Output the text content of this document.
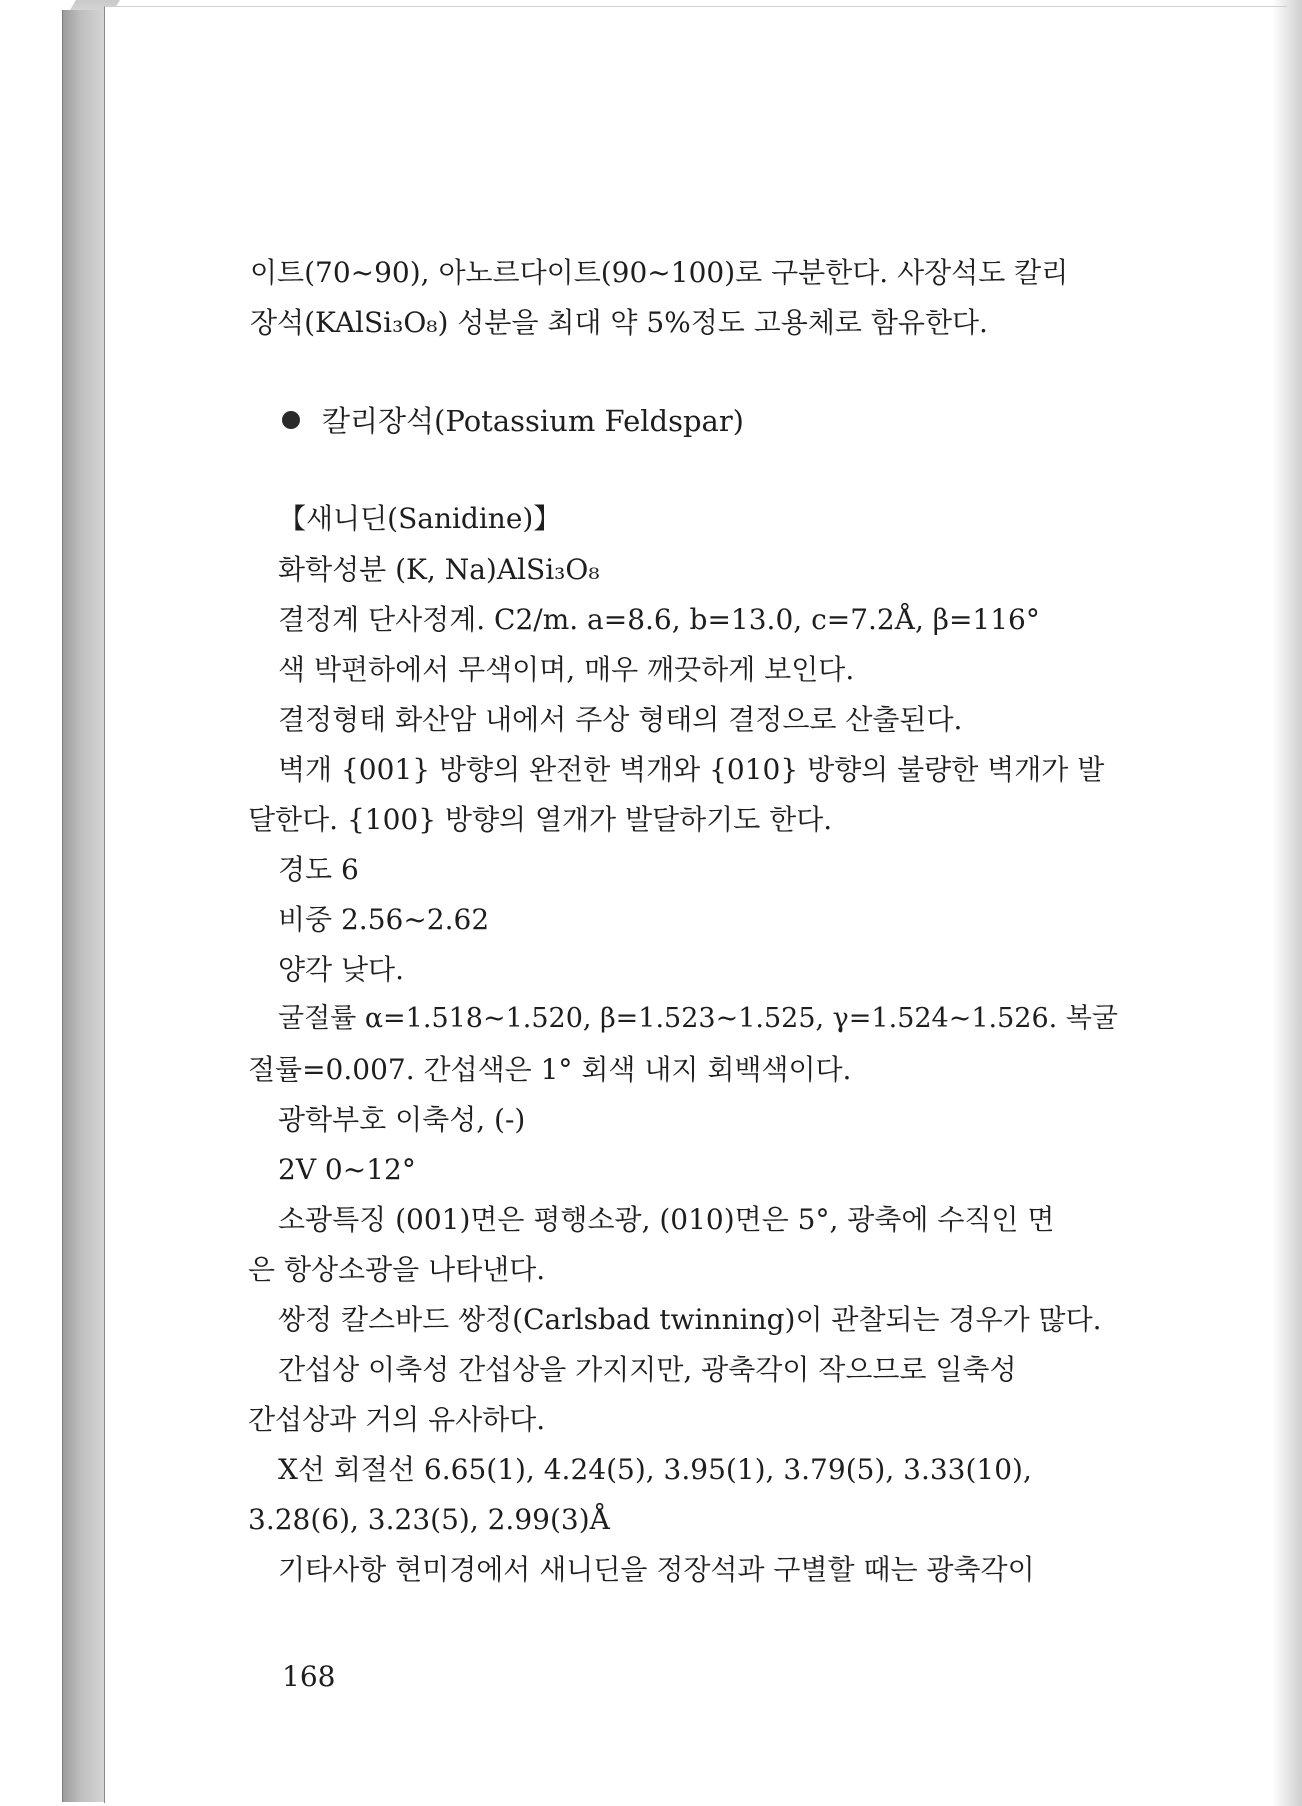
이트(70~90), 아노르다이트(90~100)로 구분한다. 사장석도 칼리
장석(KAlSi₃O₈) 성분을 최대 약 5%정도 고용체로 함유한다.
칼리장석(Potassium Feldspar)
【새니딘(Sanidine)】
화학성분 (K, Na)AlSi₃O₈
결정계 단사정계. C2/m. a=8.6, b=13.0, c=7.2Å, β=116°
색 박편하에서 무색이며, 매우 깨끗하게 보인다.
결정형태 화산암 내에서 주상 형태의 결정으로 산출된다.
벽개 {001} 방향의 완전한 벽개와 {010} 방향의 불량한 벽개가 발
달한다. {100} 방향의 열개가 발달하기도 한다.
경도 6
비중 2.56~2.62
양각 낮다.
굴절률 α=1.518~1.520, β=1.523~1.525, γ=1.524~1.526. 복굴
절률=0.007. 간섭색은 1° 회색 내지 회백색이다.
광학부호 이축성, (-)
2V 0~12°
소광특징 (001)면은 평행소광, (010)면은 5°, 광축에 수직인 면
은 항상소광을 나타낸다.
쌍정 칼스바드 쌍정(Carlsbad twinning)이 관찰되는 경우가 많다.
간섭상 이축성 간섭상을 가지지만, 광축각이 작으므로 일축성
간섭상과 거의 유사하다.
X선 회절선 6.65(1), 4.24(5), 3.95(1), 3.79(5), 3.33(10),
3.28(6), 3.23(5), 2.99(3)Å
기타사항 현미경에서 새니딘을 정장석과 구별할 때는 광축각이
168
